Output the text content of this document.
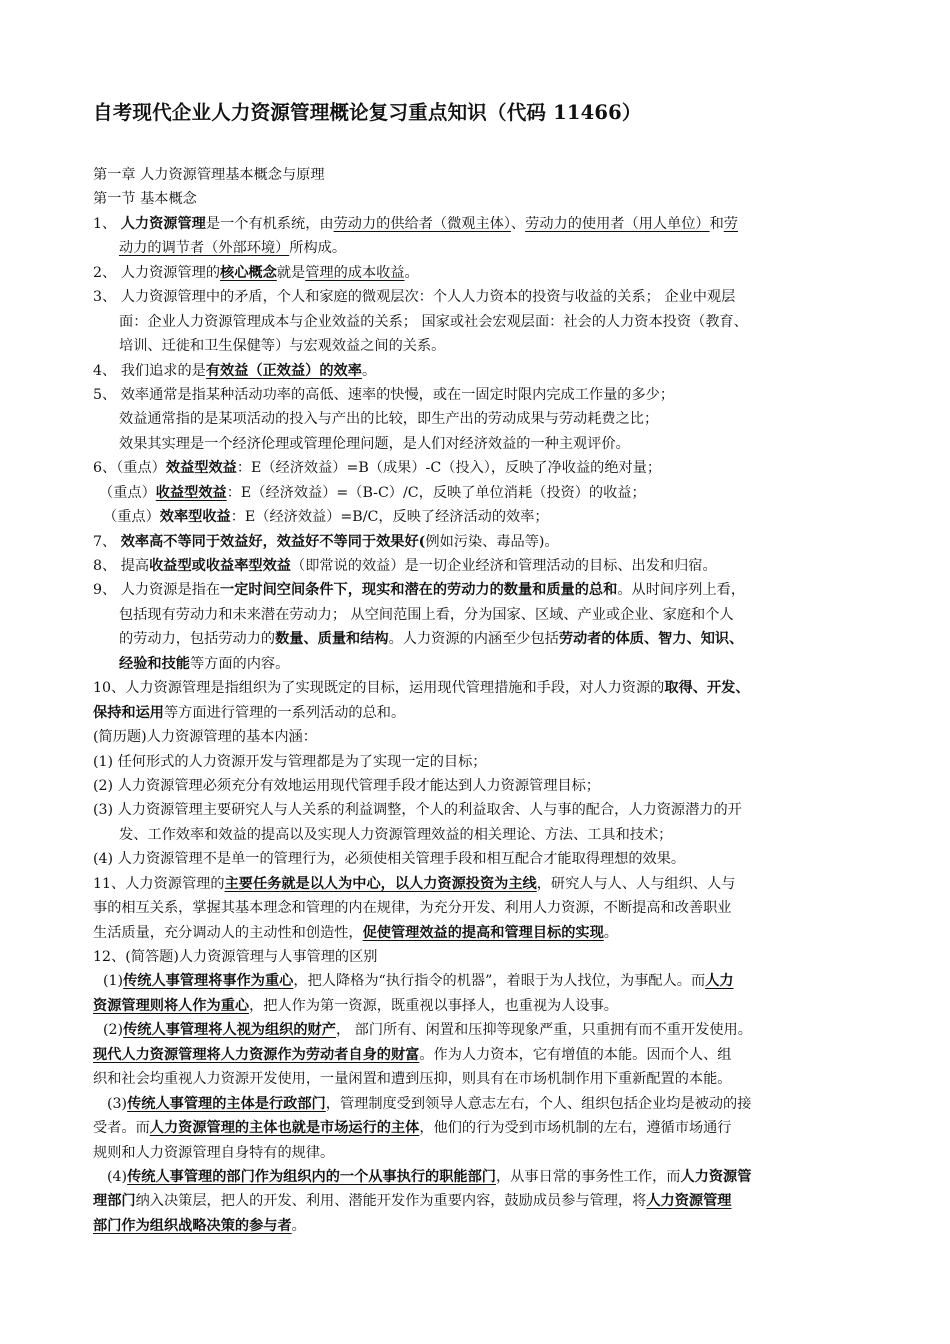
自考现代企业人力资源管理概论复习重点知识（代码 11466）
第一章 人力资源管理基本概念与原理
第一节 基本概念
1、 人力资源管理是一个有机系统，由劳动力的供给者（微观主体）、劳动力的使用者（用人单位）和劳
动力的调节者（外部环境）所构成。
2、 人力资源管理的核心概念就是管理的成本收益。
3、 人力资源管理中的矛盾，个人和家庭的微观层次：个人人力资本的投资与收益的关系； 企业中观层
面：企业人力资源管理成本与企业效益的关系； 国家或社会宏观层面：社会的人力资本投资（教育、
培训、迁徙和卫生保健等）与宏观效益之间的关系。
4、 我们追求的是有效益（正效益）的效率。
5、 效率通常是指某种活动功率的高低、速率的快慢，或在一固定时限内完成工作量的多少；
效益通常指的是某项活动的投入与产出的比较，即生产出的劳动成果与劳动耗费之比；
效果其实理是一个经济伦理或管理伦理问题，是人们对经济效益的一种主观评价。
6、（重点）效益型效益：E（经济效益）=B（成果）-C（投入），反映了净收益的绝对量；
（重点）收益型效益：E（经济效益）=（B-C）/C，反映了单位消耗（投资）的收益；
（重点）效率型收益：E（经济效益）=B/C，反映了经济活动的效率；
7、 效率高不等同于效益好，效益好不等同于效果好(例如污染、毒品等)。
8、 提高收益型或收益率型效益（即常说的效益）是一切企业经济和管理活动的目标、出发和归宿。
9、 人力资源是指在一定时间空间条件下，现实和潜在的劳动力的数量和质量的总和。从时间序列上看，
包括现有劳动力和未来潜在劳动力； 从空间范围上看，分为国家、区域、产业或企业、家庭和个人
的劳动力，包括劳动力的数量、质量和结构。人力资源的内涵至少包括劳动者的体质、智力、知识、
经验和技能等方面的内容。
10、人力资源管理是指组织为了实现既定的目标，运用现代管理措施和手段，对人力资源的取得、开发、
保持和运用等方面进行管理的一系列活动的总和。
(简历题)人力资源管理的基本内涵：
(1) 任何形式的人力资源开发与管理都是为了实现一定的目标；
(2) 人力资源管理必须充分有效地运用现代管理手段才能达到人力资源管理目标；
(3) 人力资源管理主要研究人与人关系的利益调整，个人的利益取舍、人与事的配合，人力资源潜力的开
发、工作效率和效益的提高以及实现人力资源管理效益的相关理论、方法、工具和技术；
(4) 人力资源管理不是单一的管理行为，必须使相关管理手段和相互配合才能取得理想的效果。
11、人力资源管理的主要任务就是以人为中心，以人力资源投资为主线，研究人与人、人与组织、人与
事的相互关系，掌握其基本理念和管理的内在规律，为充分开发、利用人力资源，不断提高和改善职业
生活质量，充分调动人的主动性和创造性，促使管理效益的提高和管理目标的实现。
12、(简答题)人力资源管理与人事管理的区别
(1)传统人事管理将事作为重心，把人降格为“执行指令的机器”，着眼于为人找位，为事配人。而人力
资源管理则将人作为重心，把人作为第一资源，既重视以事择人，也重视为人设事。
(2)传统人事管理将人视为组织的财产， 部门所有、闲置和压抑等现象严重，只重拥有而不重开发使用。
现代人力资源管理将人力资源作为劳动者自身的财富。作为人力资本，它有增值的本能。因而个人、组
织和社会均重视人力资源开发使用，一量闲置和遭到压抑，则具有在市场机制作用下重新配置的本能。
(3)传统人事管理的主体是行政部门，管理制度受到领导人意志左右，个人、组织包括企业均是被动的接
受者。而人力资源管理的主体也就是市场运行的主体，他们的行为受到市场机制的左右，遵循市场通行
规则和人力资源管理自身特有的规律。
(4)传统人事管理的部门作为组织内的一个从事执行的职能部门，从事日常的事务性工作，而人力资源管
理部门纳入决策层，把人的开发、利用、潜能开发作为重要内容，鼓励成员参与管理，将人力资源管理
部门作为组织战略决策的参与者。
